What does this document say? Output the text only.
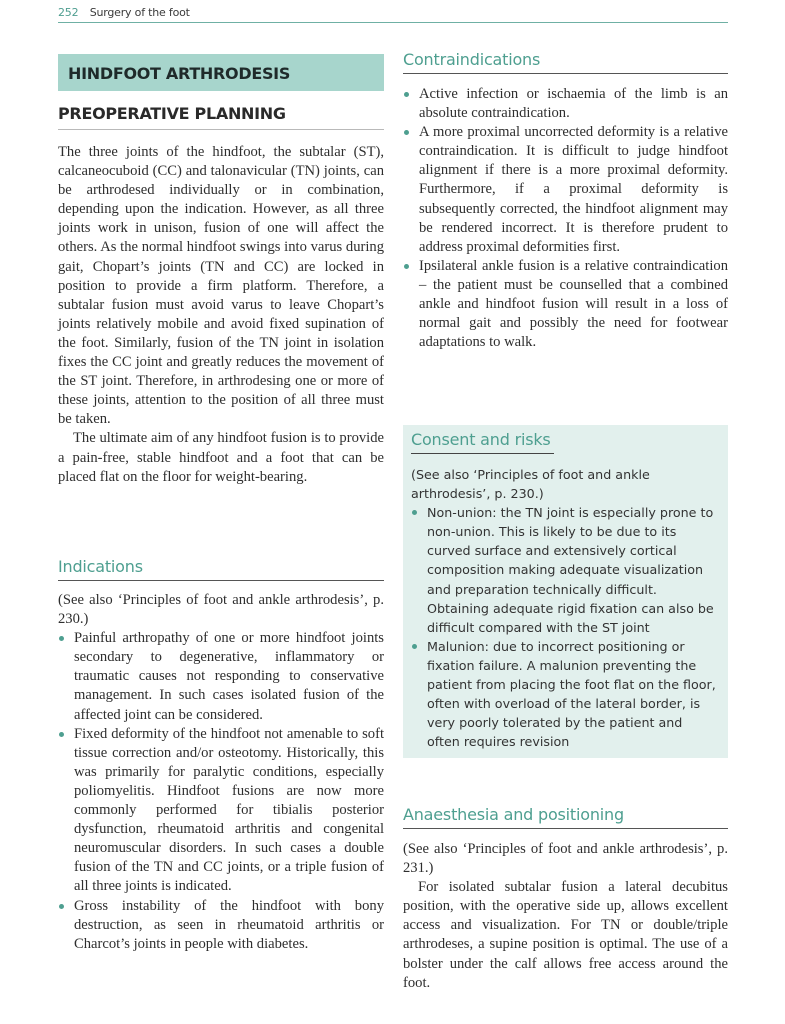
252 Surgery of the foot
HINDFOOT ARTHRODESIS
PREOPERATIVE PLANNING

The three joints of the hindfoot, the subtalar (ST), calcaneocuboid (CC) and talonavicular (TN) joints, can be arthrodesed individually or in combination, depending upon the indication. However, as all three joints work in unison, fusion of one will affect the others. As the normal hindfoot swings into varus during gait, Chopart’s joints (TN and CC) are locked in position to provide a firm platform. Therefore, a subtalar fusion must avoid varus to leave Chopart’s joints relatively mobile and avoid fixed supination of the foot. Similarly, fusion of the TN joint in isolation fixes the CC joint and greatly reduces the movement of the ST joint. Therefore, in arthrodesing one or more of these joints, attention to the position of all three must be taken.

The ultimate aim of any hindfoot fusion is to provide a pain-free, stable hindfoot and a foot that can be placed flat on the floor for weight-bearing.

Indications

(See also ‘Principles of foot and ankle arthrodesis’, p. 230.)

Painful arthropathy of one or more hindfoot joints secondary to degenerative, inflammatory or traumatic causes not responding to conservative management. In such cases isolated fusion of the affected joint can be considered.
Fixed deformity of the hindfoot not amenable to soft tissue correction and/or osteotomy. Historically, this was primarily for paralytic conditions, especially poliomyelitis. Hindfoot fusions are now more commonly performed for tibialis posterior dysfunction, rheumatoid arthritis and congenital neuromuscular disorders. In such cases a double fusion of the TN and CC joints, or a triple fusion of all three joints is indicated.
Gross instability of the hindfoot with bony destruction, as seen in rheumatoid arthritis or Charcot’s joints in people with diabetes.
Contraindications
Active infection or ischaemia of the limb is an absolute contraindication.
A more proximal uncorrected deformity is a relative contraindication. It is difficult to judge hindfoot alignment if there is a more proximal deformity. Furthermore, if a proximal deformity is subsequently corrected, the hindfoot alignment may be rendered incorrect. It is therefore prudent to address proximal deformities first.
Ipsilateral ankle fusion is a relative contraindication – the patient must be counselled that a combined ankle and hindfoot fusion will result in a loss of normal gait and possibly the need for footwear adaptations to walk.
Consent and risks

(See also ‘Principles of foot and ankle arthrodesis’, p. 230.)

Non-union: the TN joint is especially prone to non-union. This is likely to be due to its curved surface and extensively cortical composition making adequate visualization and preparation technically difficult. Obtaining adequate rigid fixation can also be difficult compared with the ST joint
Malunion: due to incorrect positioning or fixation failure. A malunion preventing the patient from placing the foot flat on the floor, often with overload of the lateral border, is very poorly tolerated by the patient and often requires revision
Anaesthesia and positioning

(See also ‘Principles of foot and ankle arthrodesis’, p. 231.)

For isolated subtalar fusion a lateral decubitus position, with the operative side up, allows excellent access and visualization. For TN or double/triple arthrodeses, a supine position is optimal. The use of a bolster under the calf allows free access around the foot.
